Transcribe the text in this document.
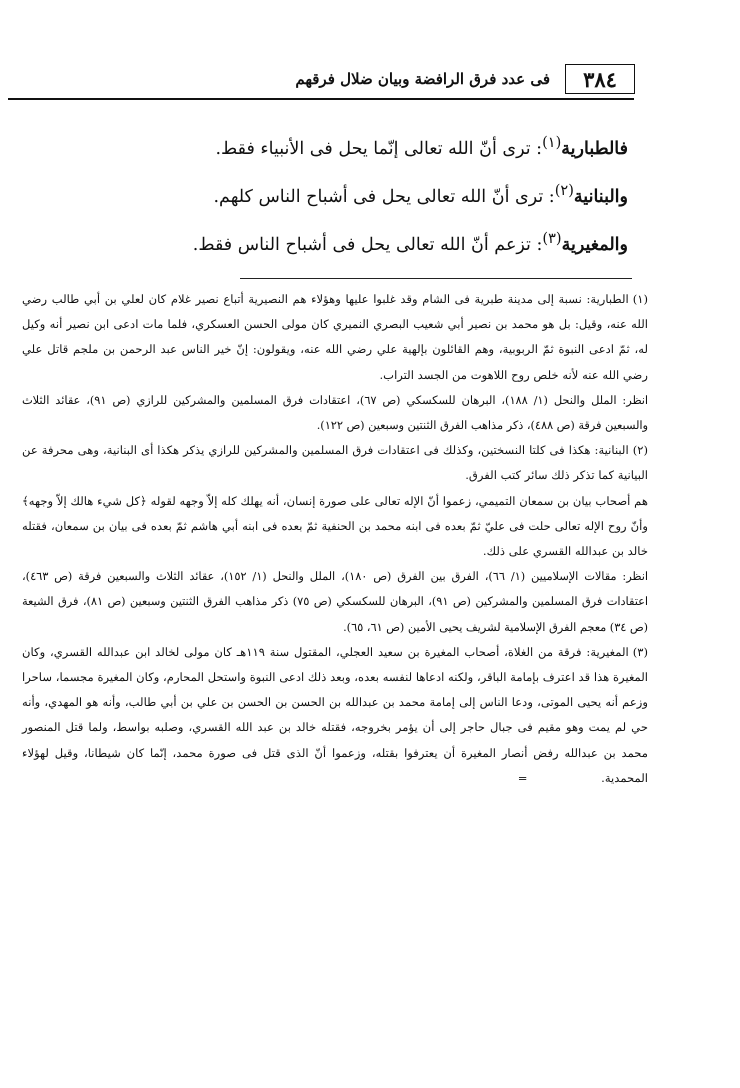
٣٨٤
فى عدد فرق الرافضة وبيان ضلال فرقهم
فالطبارية$^{(١)}$: ترى أنّ الله تعالى إنّما يحل فى الأنبياء فقط.
والبنانية$^{(٢)}$: ترى أنّ الله تعالى يحل فى أشباح الناس كلهم.
والمغيرية$^{(٣)}$: تزعم أنّ الله تعالى يحل فى أشباح الناس فقط.

(١)الطبارية: نسبة إلى مدينة طبرية فى الشام وقد غلبوا عليها وهؤلاء هم النصيرية أتباع نصير غلام كان لعلي بن أبي طالب رضي الله عنه، وقيل: بل هو محمد بن نصير أبي شعيب البصري النميري كان مولى الحسن العسكري، فلما مات ادعى ابن نصير أنه وكيل له، ثمّ ادعى النبوة ثمّ الربوبية، وهم القائلون بإلهية علي رضي الله عنه، ويقولون: إنّ خير الناس عبد الرحمن بن ملجم قاتل علي رضي الله عنه لأنه خلص روح اللاهوت من الجسد التراب.

انظر: الملل والنحل (١/ ١٨٨)، البرهان للسكسكي (ص ٦٧)، اعتقادات فرق المسلمين والمشركين للرازي (ص ٩١)، عقائد الثلاث والسبعين فرقة (ص ٤٨٨)، ذكر مذاهب الفرق الثنتين وسبعين (ص ١٢٢).

(٢)البنانية: هكذا فى كلتا النسختين، وكذلك فى اعتقادات فرق المسلمين والمشركين للرازي يذكر هكذا أى البنانية، وهى محرفة عن البيانية كما تذكر ذلك سائر كتب الفرق.

هم أصحاب بيان بن سمعان التميمي، زعموا أنّ الإله تعالى على صورة إنسان، أنه يهلك كله إلاّ وجهه لقوله ﴿كل شيء هالك إلاّ وجهه﴾ وأنّ روح الإله تعالى حلت فى عليّ ثمّ بعده فى ابنه محمد بن الحنفية ثمّ بعده فى ابنه أبي هاشم ثمّ بعده فى بيان بن سمعان، فقتله خالد بن عبدالله القسري على ذلك.

انظر: مقالات الإسلاميين (١/ ٦٦)، الفرق بين الفرق (ص ١٨٠)، الملل والنحل (١/ ١٥٢)، عقائد الثلاث والسبعين فرقة (ص ٤٦٣)، اعتقادات فرق المسلمين والمشركين (ص ٩١)، البرهان للسكسكي (ص ٧٥) ذكر مذاهب الفرق الثنتين وسبعين (ص ٨١)، فرق الشيعة (ص ٣٤) معجم الفرق الإسلامية لشريف يحيى الأمين (ص ٦١، ٦٥).

(٣)المغيرية: فرقة من الغلاة، أصحاب المغيرة بن سعيد العجلي، المقتول سنة ١١٩هـ كان مولى لخالد ابن عبدالله القسري، وكان المغيرة هذا قد اعترف بإمامة الباقر، ولكنه ادعاها لنفسه بعده، وبعد ذلك ادعى النبوة واستحل المحارم، وكان المغيرة مجسما، ساحرا وزعم أنه يحيى الموتى، ودعا الناس إلى إمامة محمد بن عبدالله بن الحسن بن الحسن بن علي بن أبي طالب، وأنه هو المهدي، وأنه حي لم يمت وهو مقيم فى جبال حاجر إلى أن يؤمر بخروجه، فقتله خالد بن عبد الله القسري، وصلبه بواسط، ولما قتل المنصور محمد بن عبدالله رفض أنصار المغيرة أن يعترفوا بقتله، وزعموا أنّ الذى قتل فى صورة محمد، إنّما كان شيطانا، وقيل لهؤلاء المحمدية. =
